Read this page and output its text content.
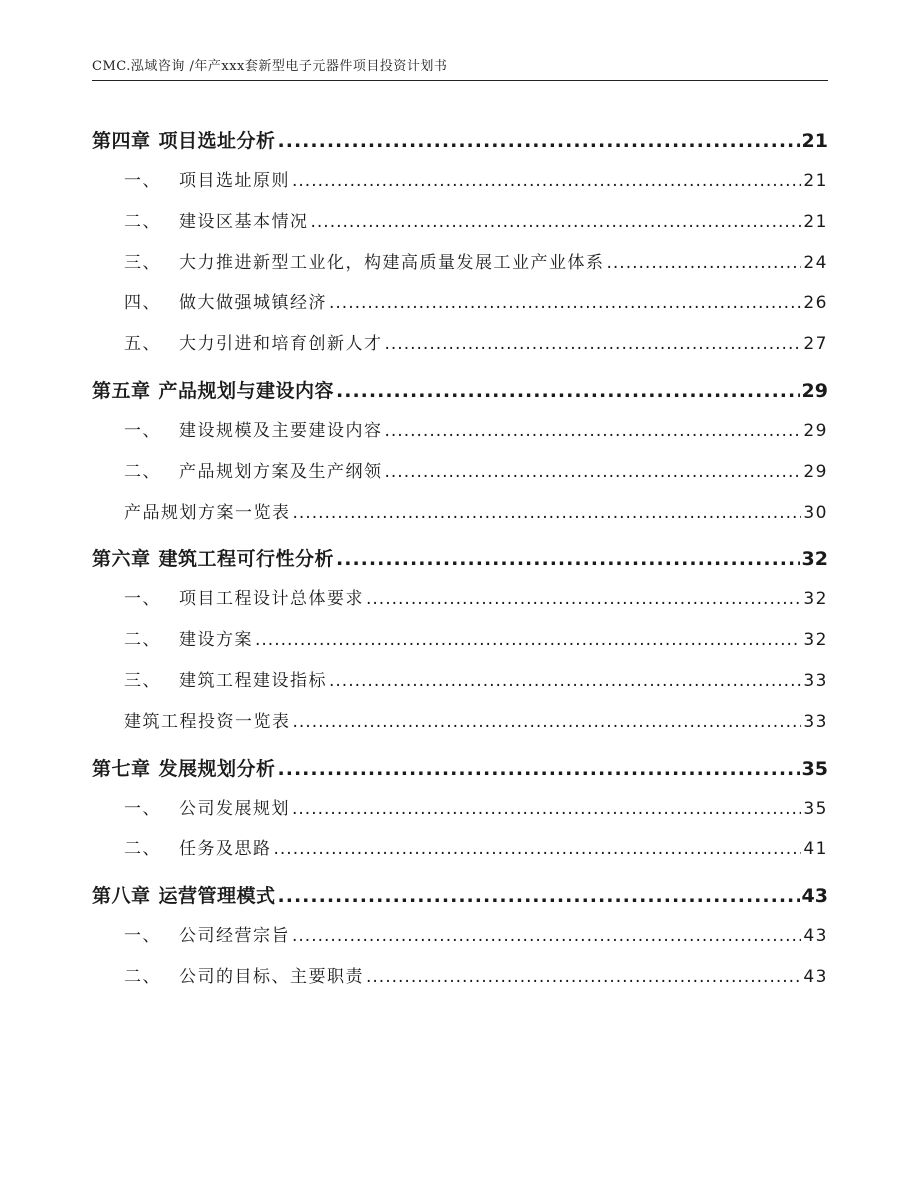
CMC.泓域咨询 /年产xxx套新型电子元器件项目投资计划书
第四章 项目选址分析 .....	21
一、 项目选址原则 .....	21
二、 建设区基本情况 .....	21
三、 大力推进新型工业化，构建高质量发展工业产业体系 .....	24
四、 做大做强城镇经济 .....	26
五、 大力引进和培育创新人才 .....	27
第五章 产品规划与建设内容 .....	29
一、 建设规模及主要建设内容 .....	29
二、 产品规划方案及生产纲领 .....	29
产品规划方案一览表 .....	30
第六章 建筑工程可行性分析 .....	32
一、 项目工程设计总体要求 .....	32
二、 建设方案 .....	32
三、 建筑工程建设指标 .....	33
建筑工程投资一览表 .....	33
第七章 发展规划分析 .....	35
一、 公司发展规划 .....	35
二、 任务及思路 .....	41
第八章 运营管理模式 .....	43
一、 公司经营宗旨 .....	43
二、 公司的目标、主要职责 .....	43
